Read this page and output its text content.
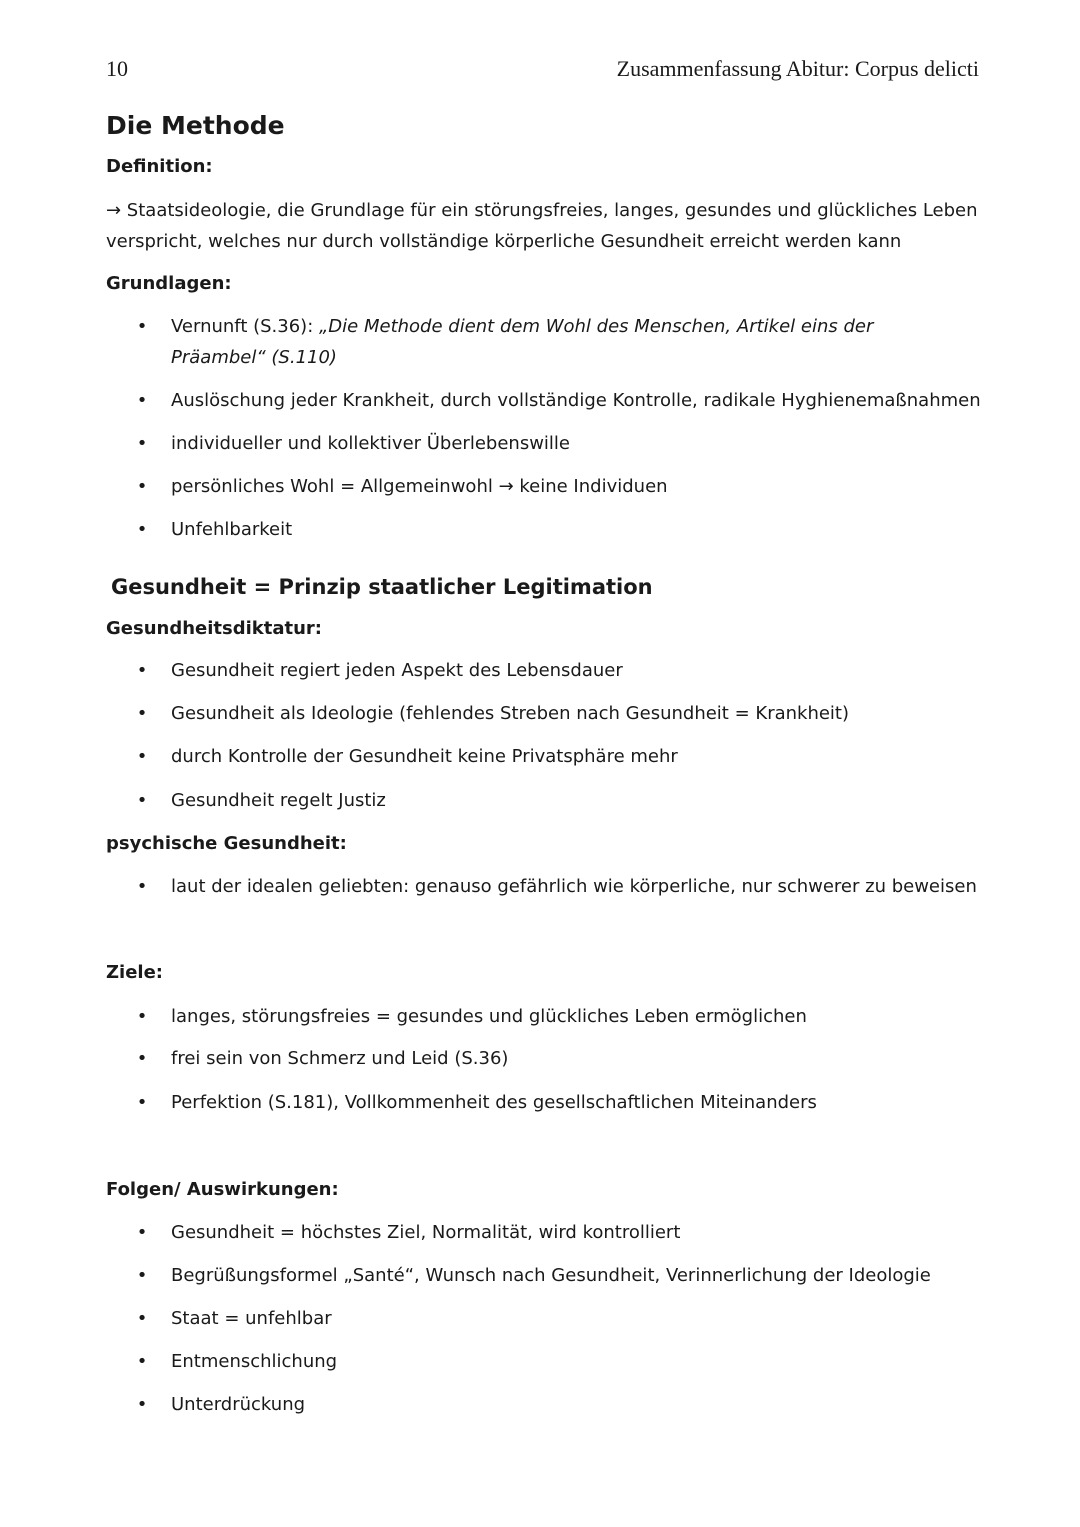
10	Zusammenfassung Abitur: Corpus delicti
Die Methode
Definition:
→ Staatsideologie, die Grundlage für ein störungsfreies, langes, gesundes und glückliches Leben verspricht, welches nur durch vollständige körperliche Gesundheit erreicht werden kann
Grundlagen:
• Vernunft (S.36): „Die Methode dient dem Wohl des Menschen, Artikel eins der Präambel“ (S.110)
• Auslöschung jeder Krankheit, durch vollständige Kontrolle, radikale Hyghienemaßnahmen
• individueller und kollektiver Überlebenswille
• persönliches Wohl = Allgemeinwohl → keine Individuen
• Unfehlbarkeit
Gesundheit = Prinzip staatlicher Legitimation
Gesundheitsdiktatur:
• Gesundheit regiert jeden Aspekt des Lebensdauer
• Gesundheit als Ideologie (fehlendes Streben nach Gesundheit = Krankheit)
• durch Kontrolle der Gesundheit keine Privatsphäre mehr
• Gesundheit regelt Justiz
psychische Gesundheit:
• laut der idealen geliebten: genauso gefährlich wie körperliche, nur schwerer zu beweisen
Ziele:
• langes, störungsfreies = gesundes und glückliches Leben ermöglichen
• frei sein von Schmerz und Leid (S.36)
• Perfektion (S.181), Vollkommenheit des gesellschaftlichen Miteinanders
Folgen/ Auswirkungen:
• Gesundheit = höchstes Ziel, Normalität, wird kontrolliert
• Begrüßungsformel „Santé“, Wunsch nach Gesundheit, Verinnerlichung der Ideologie
• Staat = unfehlbar
• Entmenschlichung
• Unterdrückung
